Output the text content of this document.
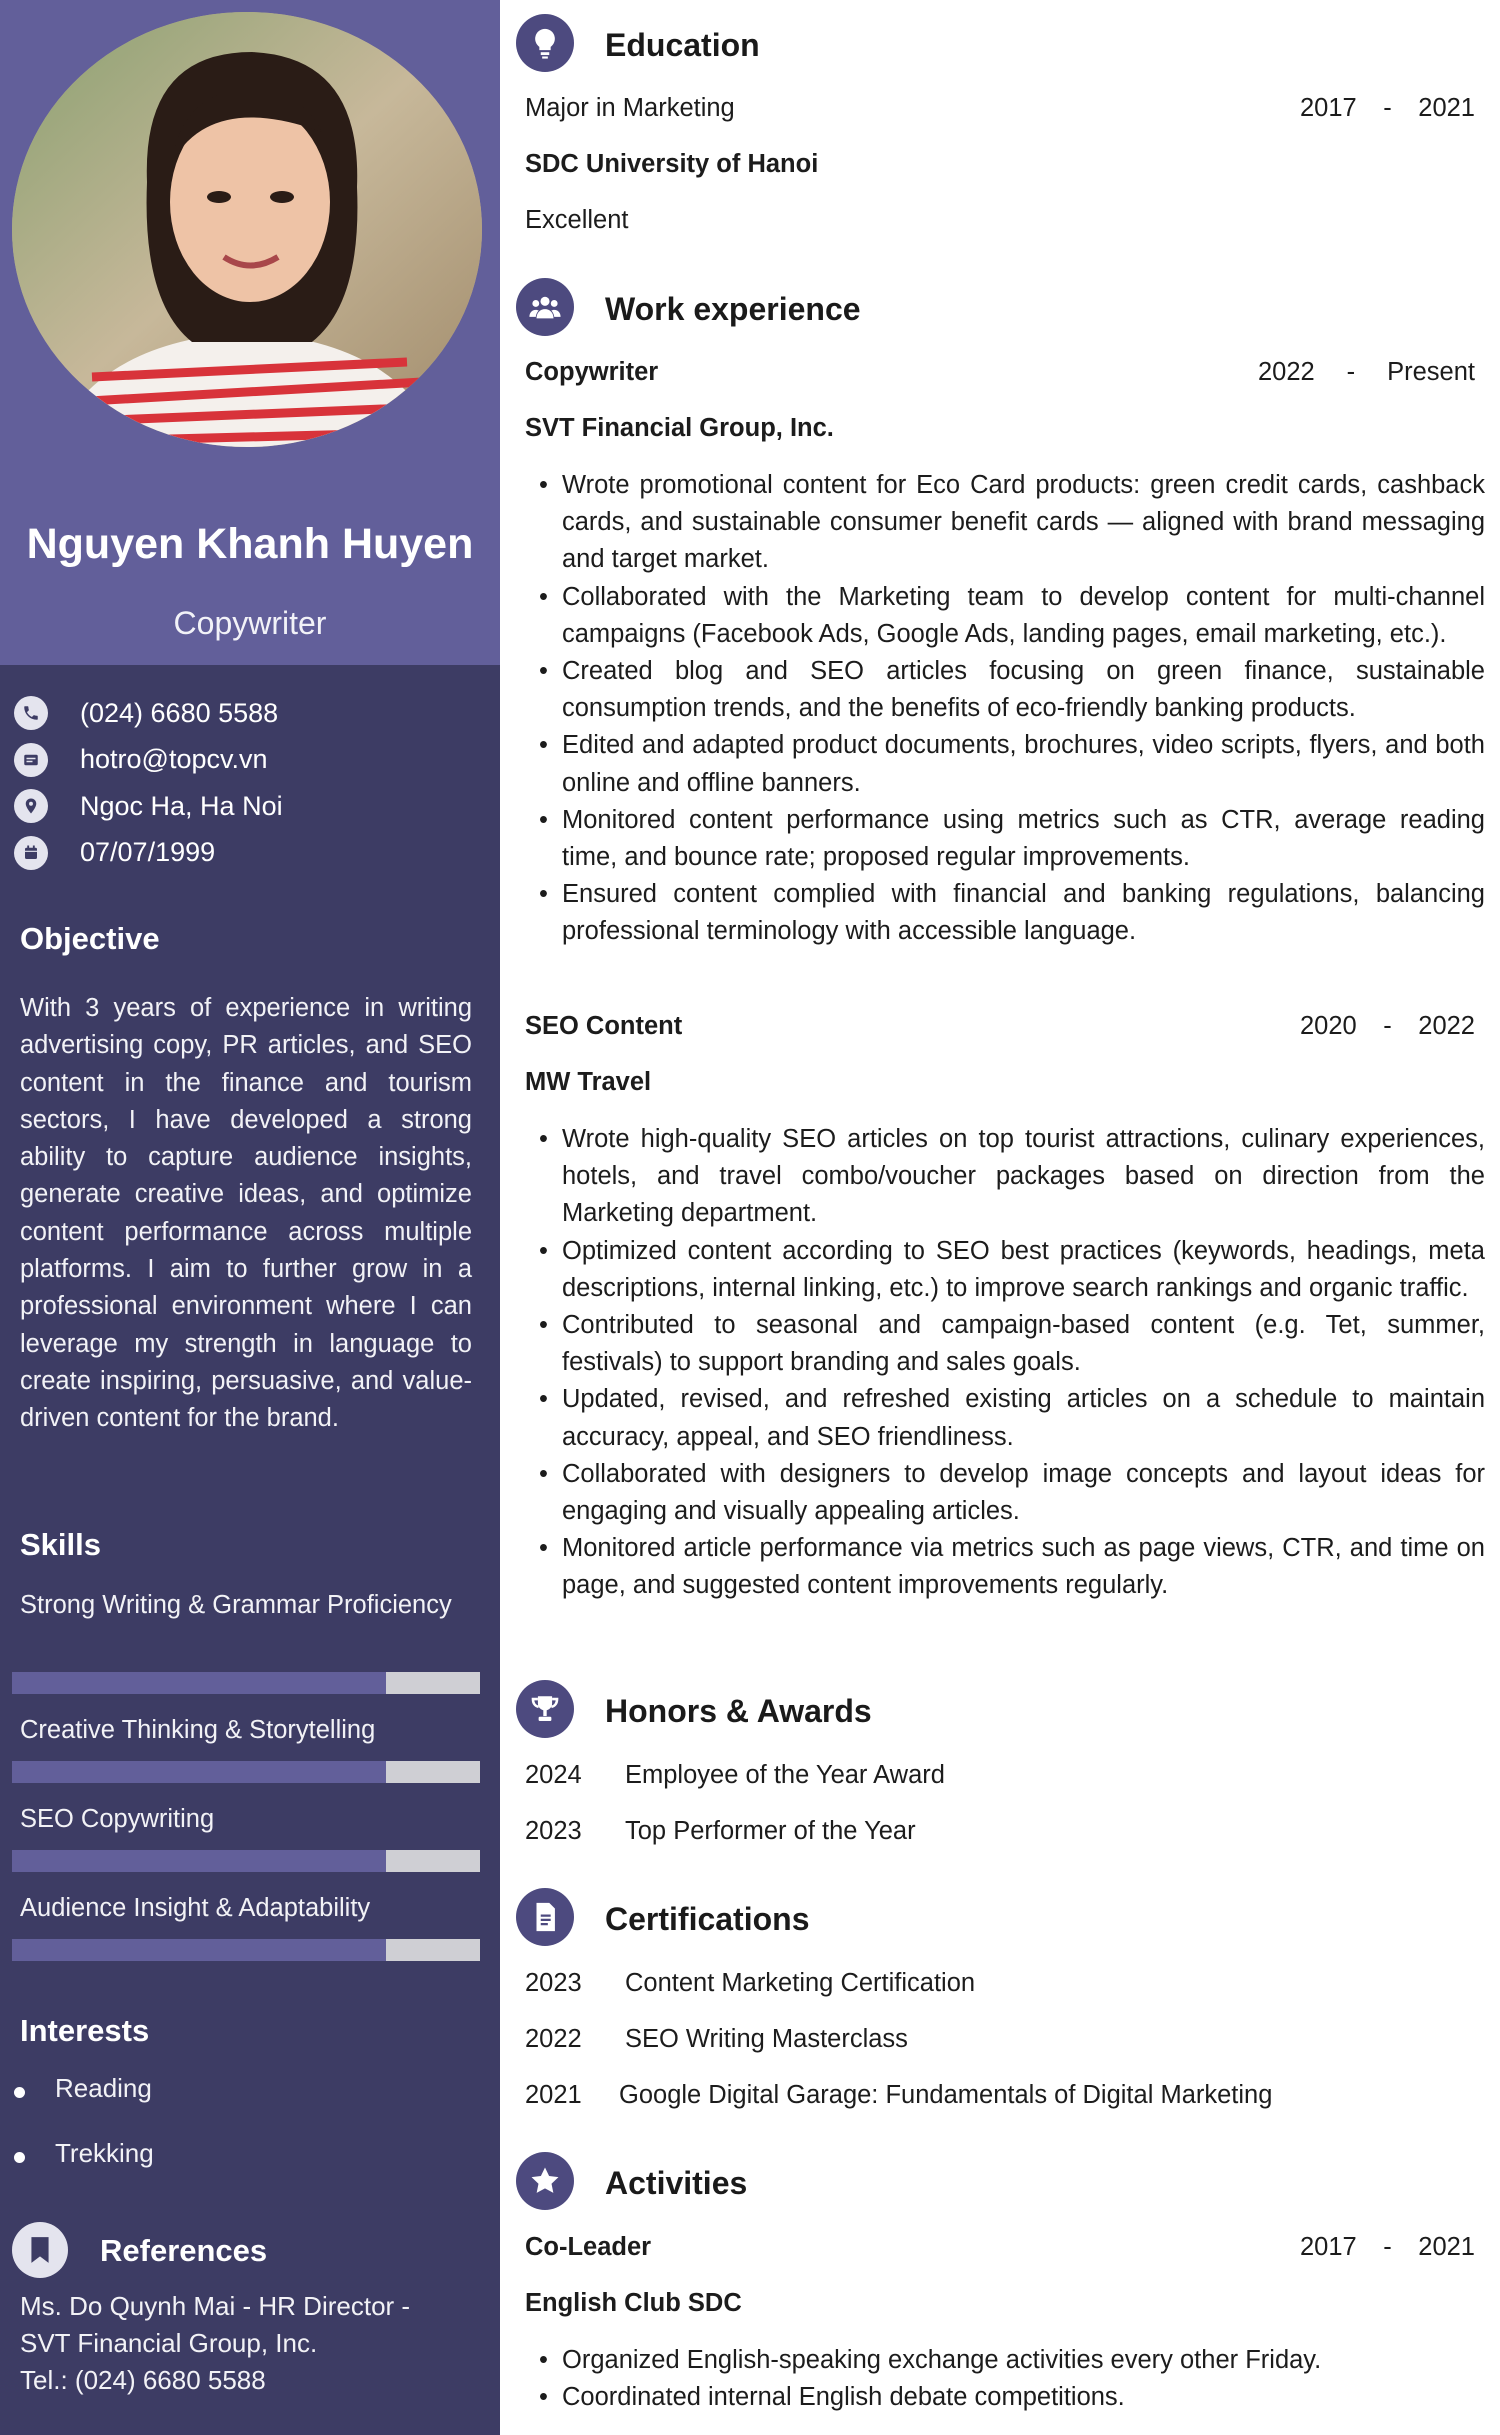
Nguyen Khanh Huyen
Copywriter
(024) 6680 5588
hotro@topcv.vn
Ngoc Ha, Ha Noi
07/07/1999
Objective
With 3 years of experience in writing advertising copy, PR articles, and SEO content in the finance and tourism sectors, I have developed a strong ability to capture audience insights, generate creative ideas, and optimize content performance across multiple platforms. I aim to further grow in a professional environment where I can leverage my strength in language to create inspiring, persuasive, and value-driven content for the brand.
Skills
Strong Writing & Grammar Proficiency
Creative Thinking & Storytelling
SEO Copywriting
Audience Insight & Adaptability
Interests
Reading
Trekking
References
Ms. Do Quynh Mai - HR Director -
SVT Financial Group, Inc.
Tel.: (024) 6680 5588
Education
Major in Marketing	2017 - 2021
SDC University of Hanoi
Excellent
Work experience
Copywriter	2022 - Present
SVT Financial Group, Inc.
• Wrote promotional content for Eco Card products: green credit cards, cashback cards, and sustainable consumer benefit cards — aligned with brand messaging and target market.
• Collaborated with the Marketing team to develop content for multi-channel campaigns (Facebook Ads, Google Ads, landing pages, email marketing, etc.).
• Created blog and SEO articles focusing on green finance, sustainable consumption trends, and the benefits of eco-friendly banking products.
• Edited and adapted product documents, brochures, video scripts, flyers, and both online and offline banners.
• Monitored content performance using metrics such as CTR, average reading time, and bounce rate; proposed regular improvements.
• Ensured content complied with financial and banking regulations, balancing professional terminology with accessible language.
SEO Content	2020 - 2022
MW Travel
• Wrote high-quality SEO articles on top tourist attractions, culinary experiences, hotels, and travel combo/voucher packages based on direction from the Marketing department.
• Optimized content according to SEO best practices (keywords, headings, meta descriptions, internal linking, etc.) to improve search rankings and organic traffic.
• Contributed to seasonal and campaign-based content (e.g. Tet, summer, festivals) to support branding and sales goals.
• Updated, revised, and refreshed existing articles on a schedule to maintain accuracy, appeal, and SEO friendliness.
• Collaborated with designers to develop image concepts and layout ideas for engaging and visually appealing articles.
• Monitored article performance via metrics such as page views, CTR, and time on page, and suggested content improvements regularly.
Honors & Awards
2024	Employee of the Year Award
2023	Top Performer of the Year
Certifications
2023	Content Marketing Certification
2022	SEO Writing Masterclass
2021	Google Digital Garage: Fundamentals of Digital Marketing
Activities
Co-Leader	2017 - 2021
English Club SDC
• Organized English-speaking exchange activities every other Friday.
• Coordinated internal English debate competitions.
